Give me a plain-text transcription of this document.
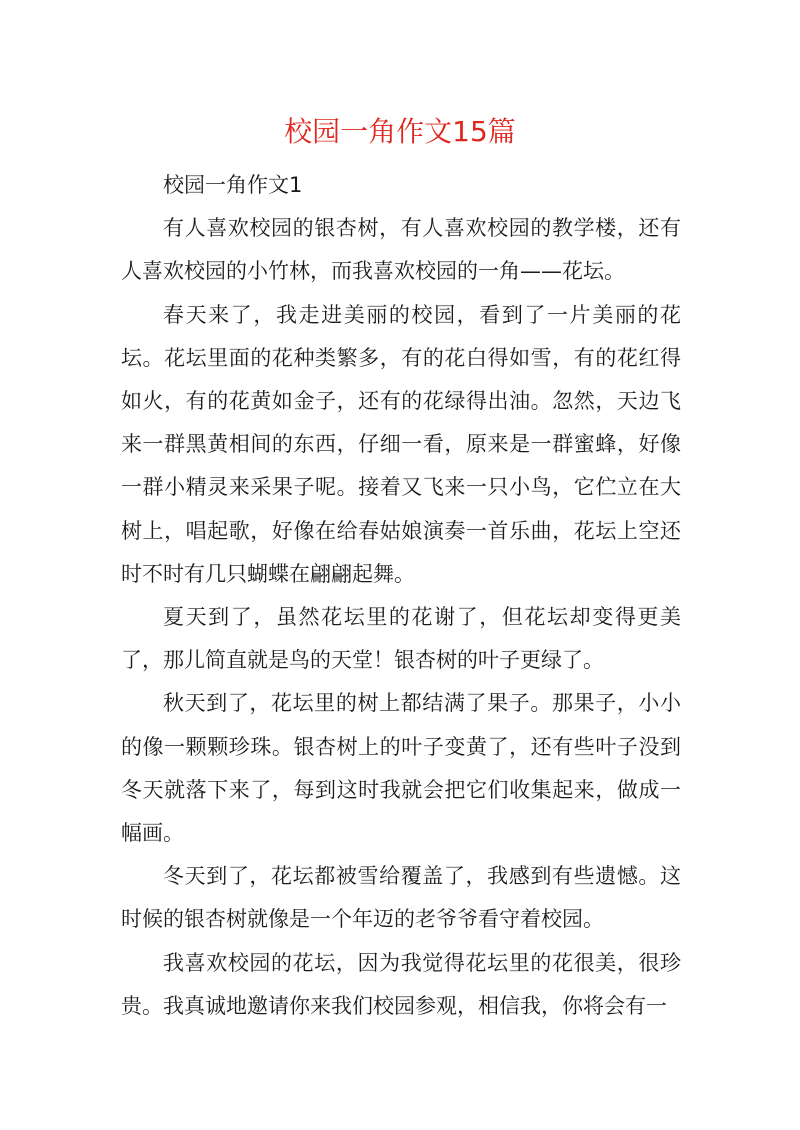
校园一角作文15篇

校园一角作文1

有人喜欢校园的银杏树，有人喜欢校园的教学楼，还有人喜欢校园的小竹林，而我喜欢校园的一角——花坛。

春天来了，我走进美丽的校园，看到了一片美丽的花坛。花坛里面的花种类繁多，有的花白得如雪，有的花红得如火，有的花黄如金子，还有的花绿得出油。忽然，天边飞来一群黑黄相间的东西，仔细一看，原来是一群蜜蜂，好像一群小精灵来采果子呢。接着又飞来一只小鸟，它伫立在大树上，唱起歌，好像在给春姑娘演奏一首乐曲，花坛上空还时不时有几只蝴蝶在翩翩起舞。

夏天到了，虽然花坛里的花谢了，但花坛却变得更美了，那儿简直就是鸟的天堂！银杏树的叶子更绿了。

秋天到了，花坛里的树上都结满了果子。那果子，小小的像一颗颗珍珠。银杏树上的叶子变黄了，还有些叶子没到冬天就落下来了，每到这时我就会把它们收集起来，做成一幅画。

冬天到了，花坛都被雪给覆盖了，我感到有些遗憾。这时候的银杏树就像是一个年迈的老爷爷看守着校园。

我喜欢校园的花坛，因为我觉得花坛里的花很美，很珍贵。我真诚地邀请你来我们校园参观，相信我，你将会有一
